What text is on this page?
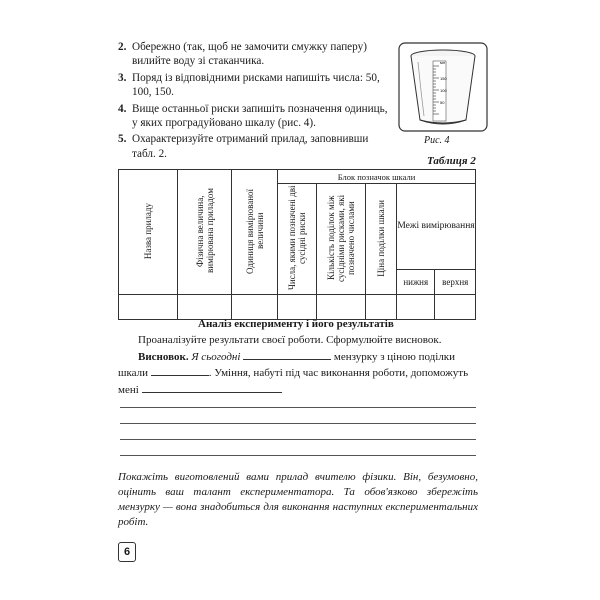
2. Обережно (так, щоб не замочити смужку паперу) вилийте воду зі стаканчика.
3. Поряд із відповідними рисками напишіть числа: 50, 100, 150.
4. Вище останньої риски запишіть позначення одиниць, у яких проградуйовано шкалу (рис. 4).
5. Охарактеризуйте отриманий прилад, заповнивши табл. 2.
мл
150
100
50
Рис. 4
Таблиця 2
Назва приладу	Фізична величина, вимірювана приладом	Одиниця вимірюваної величини	Блок позначок шкали				
			Числа, якими позначені дві сусідні риски	Кількість поділок між сусідніми рисками, які позначено числами	Ціна поділки шкали	Межі вимірювання	
						нижня	верхня

Аналіз експерименту і його результатів
Проаналізуйте результати своєї роботи. Сформулюйте висновок.
Висновок. Я сьогодні	мензурку з ціною поділки
шкали	. Уміння, набуті під час виконання роботи, допоможуть мені
Покажіть виготовлений вами прилад вчителю фізики. Він, безумовно, оцінить ваш талант експериментатора. Та обов'язково збережіть мензурку — вона знадобиться для виконання наступних експериментальних робіт.
6
